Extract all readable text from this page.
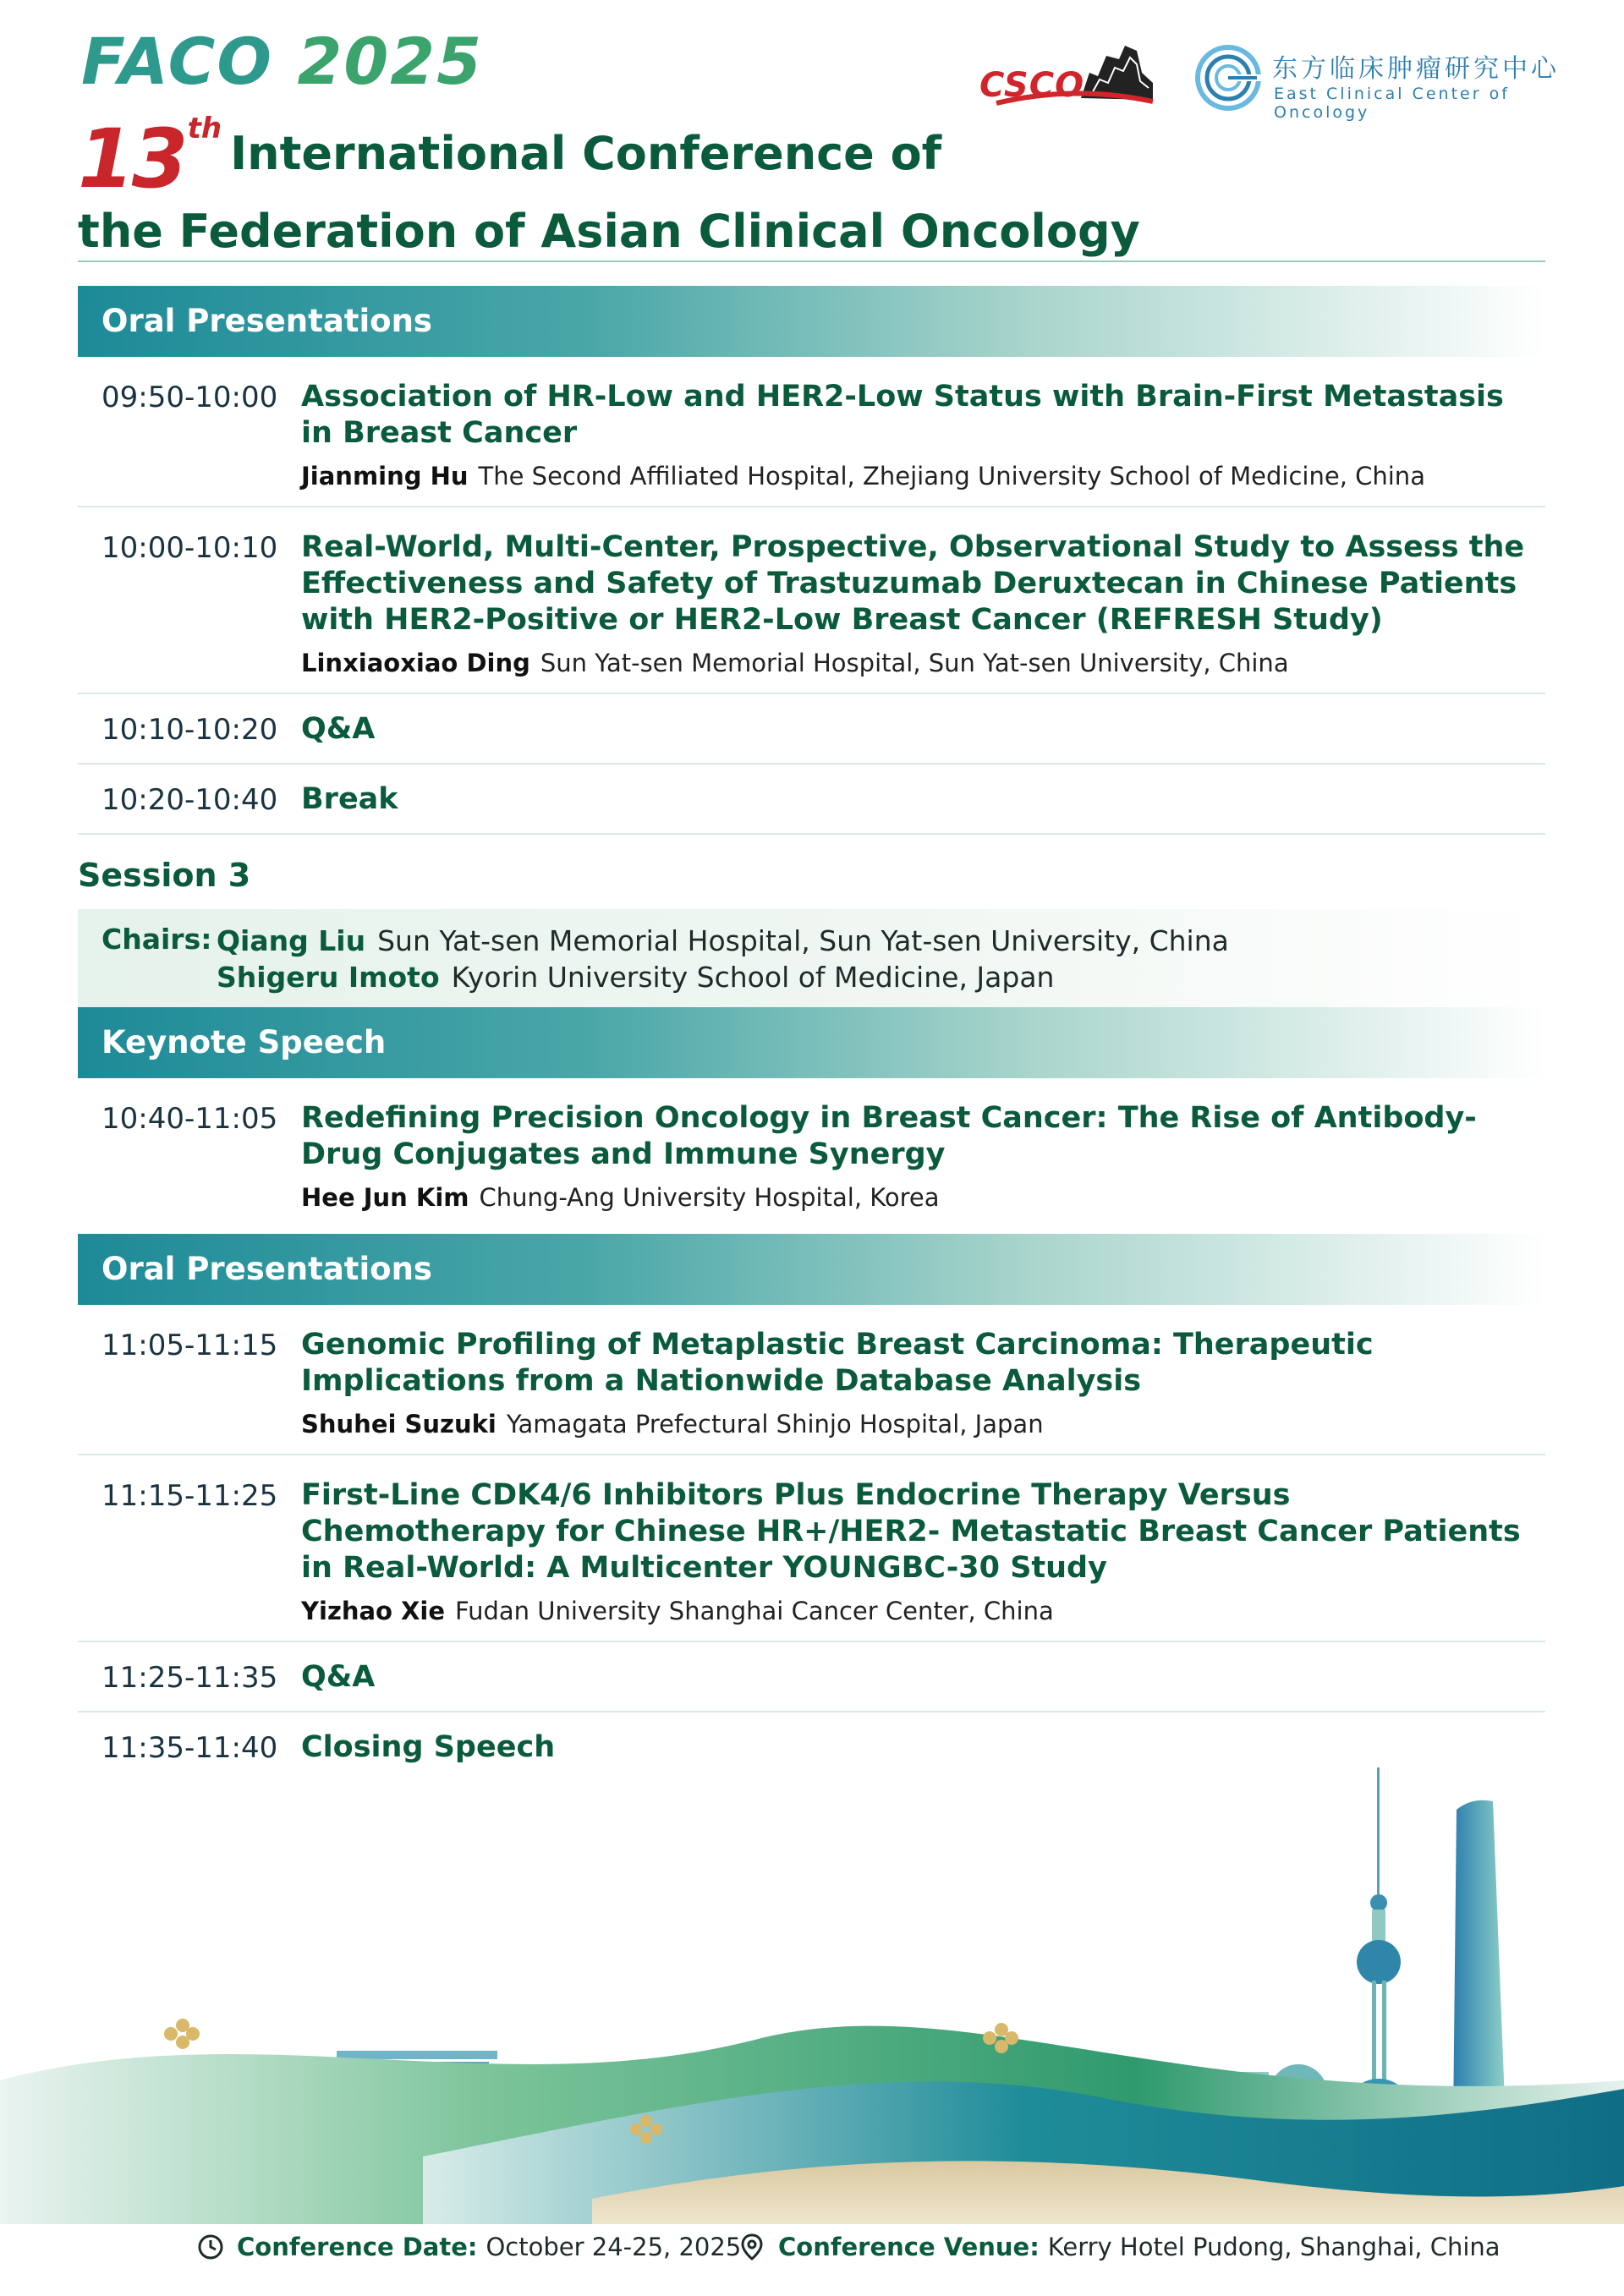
FACO 2025
13th International Conference of
the Federation of Asian Clinical Oncology
CSCO	东方临床肿瘤研究中心
East Clinical Center of Oncology
Oral Presentations
09:50-10:00 Association of HR-Low and HER2-Low Status with Brain-First Metastasis in Breast Cancer
Jianming Hu The Second Affiliated Hospital, Zhejiang University School of Medicine, China
10:00-10:10 Real-World, Multi-Center, Prospective, Observational Study to Assess the Effectiveness and Safety of Trastuzumab Deruxtecan in Chinese Patients with HER2-Positive or HER2-Low Breast Cancer (REFRESH Study)
Linxiaoxiao Ding Sun Yat-sen Memorial Hospital, Sun Yat-sen University, China
10:10-10:20 Q&A
10:20-10:40 Break
Session 3
Chairs: Qiang Liu Sun Yat-sen Memorial Hospital, Sun Yat-sen University, China
Shigeru Imoto Kyorin University School of Medicine, Japan
Keynote Speech
10:40-11:05 Redefining Precision Oncology in Breast Cancer: The Rise of Antibody-Drug Conjugates and Immune Synergy
Hee Jun Kim Chung-Ang University Hospital, Korea
Oral Presentations
11:05-11:15 Genomic Profiling of Metaplastic Breast Carcinoma: Therapeutic Implications from a Nationwide Database Analysis
Shuhei Suzuki Yamagata Prefectural Shinjo Hospital, Japan
11:15-11:25 First-Line CDK4/6 Inhibitors Plus Endocrine Therapy Versus Chemotherapy for Chinese HR+/HER2- Metastatic Breast Cancer Patients in Real-World: A Multicenter YOUNGBC-30 Study
Yizhao Xie Fudan University Shanghai Cancer Center, China
11:25-11:35 Q&A
11:35-11:40 Closing Speech
Conference Date: October 24-25, 2025 Conference Venue: Kerry Hotel Pudong, Shanghai, China
